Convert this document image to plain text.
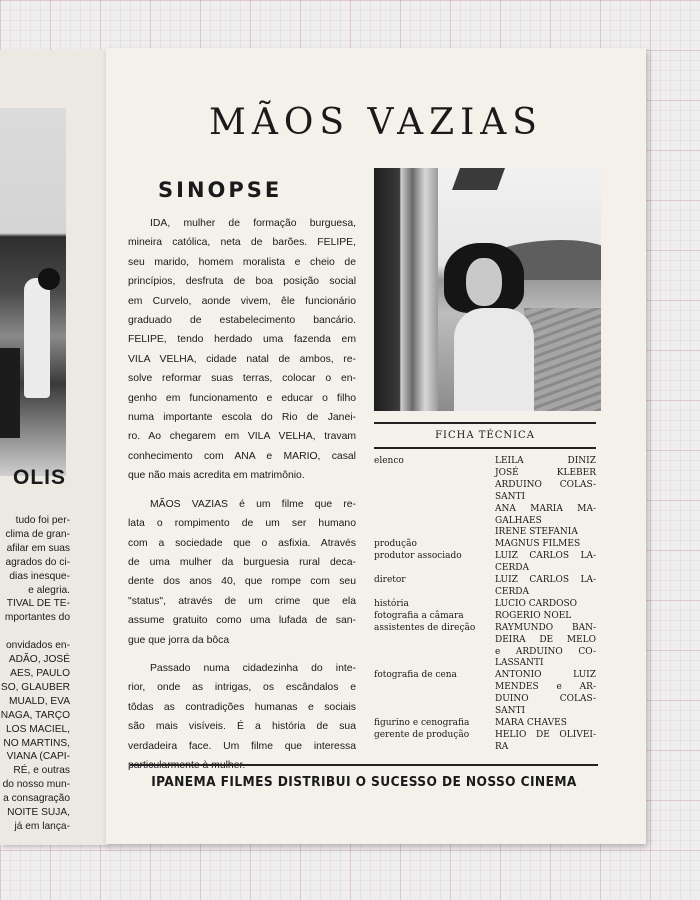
OLIS
tudo foi per-
clima de gran-
afilar em suas
agrados do ci-
dias inesque-
e alegria.
TIVAL DE TE-
mportantes do

onvidados en-
ADÃO, JOSÉ
AES, PAULO
SO, GLAUBER
MUALD, EVA
NAGA, TARÇO
LOS MACIEL,
NO MARTINS,
VIANA (CAPI-
RÉ, e outras
do nosso mun-
a consagração
NOITE SUJA,
já em lança-
MÃOS VAZIAS
SINOPSE
IDA, mulher de formação burguesa,
mineira católica, neta de barões. FELIPE,
seu marido, homem moralista e cheio de
princípios, desfruta de boa posição social
em Curvelo, aonde vivem, êle funcionário
graduado de estabelecimento bancário.
FELIPE, tendo herdado uma fazenda em
VILA VELHA, cidade natal de ambos, re-
solve reformar suas terras, colocar o en-
genho em funcionamento e educar o filho
numa importante escola do Rio de Janei-
ro. Ao chegarem em VILA VELHA, travam
conhecimento com ANA e MARIO, casal
que não mais acredita em matrimônio.
MÃOS VAZIAS é um filme que re-
lata o rompimento de um ser humano
com a sociedade que o asfixia. Através
de uma mulher da burguesia rural deca-
dente dos anos 40, que rompe com seu
"status", através de um crime que ela
assume gratuito como uma lufada de san-
gue que jorra da bôca
Passado numa cidadezinha do inte-
rior, onde as intrigas, os escândalos e
tôdas as contradições humanas e sociais
são mais visíveis. É a história de sua
verdadeira face. Um filme que interessa
particularmente à mulher.
FICHA TÉCNICA
elenco	LEILA DINIZ
JOSÉ KLEBER
ARDUINO COLAS-
SANTI
ANA MARIA MA-
GALHAES
IRENE STEFANIA
produção	MAGNUS FILMES
produtor associado	LUIZ CARLOS LA-
CERDA
diretor	LUIZ CARLOS LA-
CERDA
história	LUCIO CARDOSO
fotografia a câmara	ROGERIO NOEL
assistentes de direção	RAYMUNDO BAN-
DEIRA DE MELO
e ARDUINO CO-
LASSANTI
fotografia de cena	ANTONIO LUIZ
MENDES e AR-
DUINO COLAS-
SANTI
figurino e cenografia	MARA CHAVES
gerente de produção	HELIO DE OLIVEI-
RA
IPANEMA FILMES DISTRIBUI O SUCESSO DE NOSSO CINEMA
